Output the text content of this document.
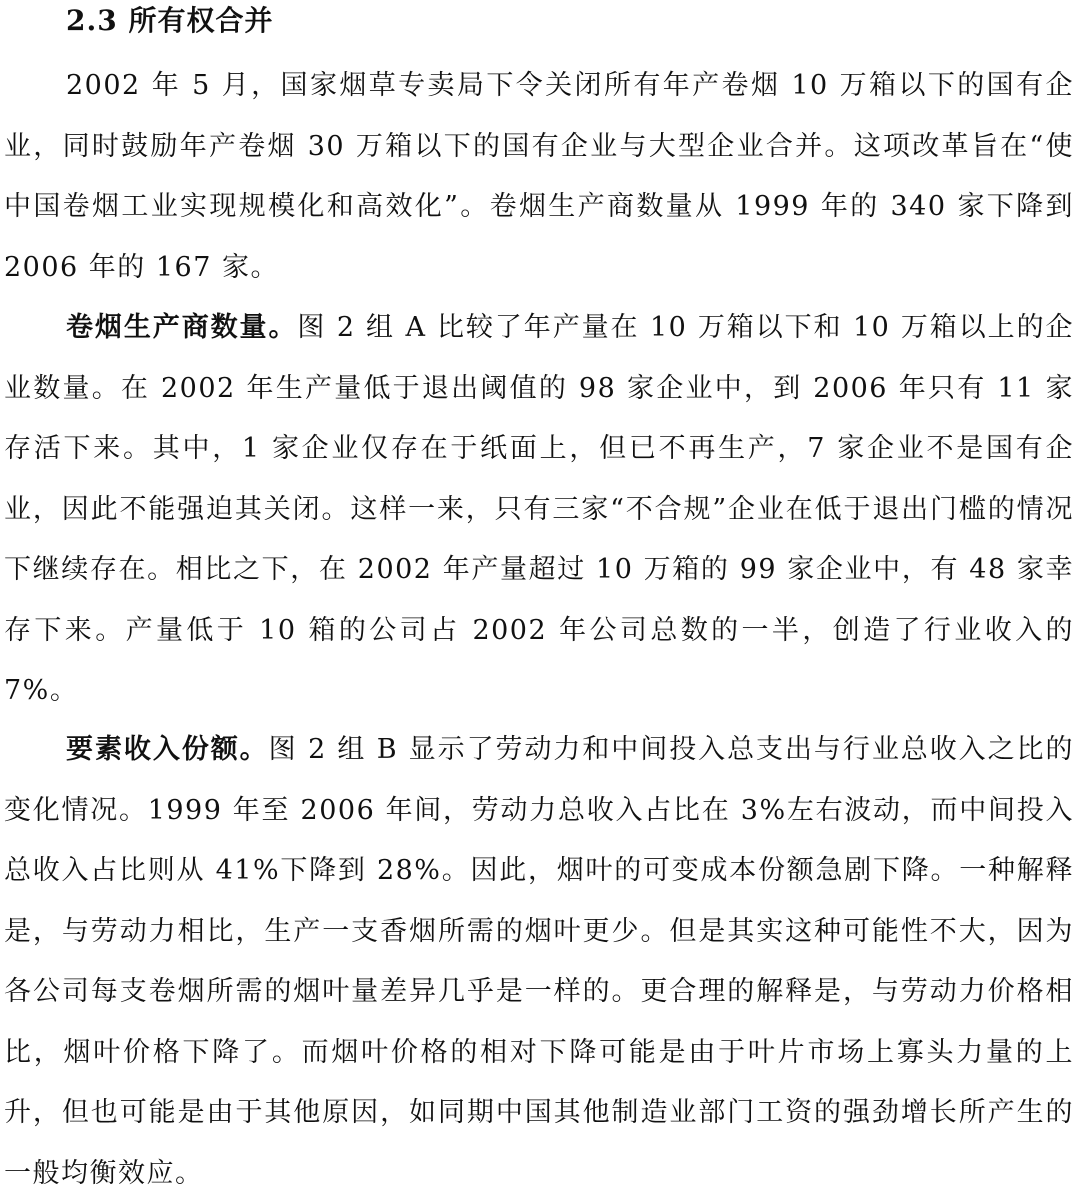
2.3 所有权合并

2002 年 5 月，国家烟草专卖局下令关闭所有年产卷烟 10 万箱以下的国有企业，同时鼓励年产卷烟 30 万箱以下的国有企业与大型企业合并。这项改革旨在“使中国卷烟工业实现规模化和高效化”。卷烟生产商数量从 1999 年的 340 家下降到 2006 年的 167 家。

卷烟生产商数量。图 2 组 A 比较了年产量在 10 万箱以下和 10 万箱以上的企业数量。在 2002 年生产量低于退出阈值的 98 家企业中，到 2006 年只有 11 家存活下来。其中，1 家企业仅存在于纸面上，但已不再生产，7 家企业不是国有企业，因此不能强迫其关闭。这样一来，只有三家“不合规”企业在低于退出门槛的情况下继续存在。相比之下，在 2002 年产量超过 10 万箱的 99 家企业中，有 48 家幸存下来。产量低于 10 箱的公司占 2002 年公司总数的一半，创造了行业收入的 7%。

要素收入份额。图 2 组 B 显示了劳动力和中间投入总支出与行业总收入之比的变化情况。1999 年至 2006 年间，劳动力总收入占比在 3%左右波动，而中间投入总收入占比则从 41%下降到 28%。因此，烟叶的可变成本份额急剧下降。一种解释是，与劳动力相比，生产一支香烟所需的烟叶更少。但是其实这种可能性不大，因为各公司每支卷烟所需的烟叶量差异几乎是一样的。更合理的解释是，与劳动力价格相比，烟叶价格下降了。而烟叶价格的相对下降可能是由于叶片市场上寡头力量的上升，但也可能是由于其他原因，如同期中国其他制造业部门工资的强劲增长所产生的一般均衡效应。
